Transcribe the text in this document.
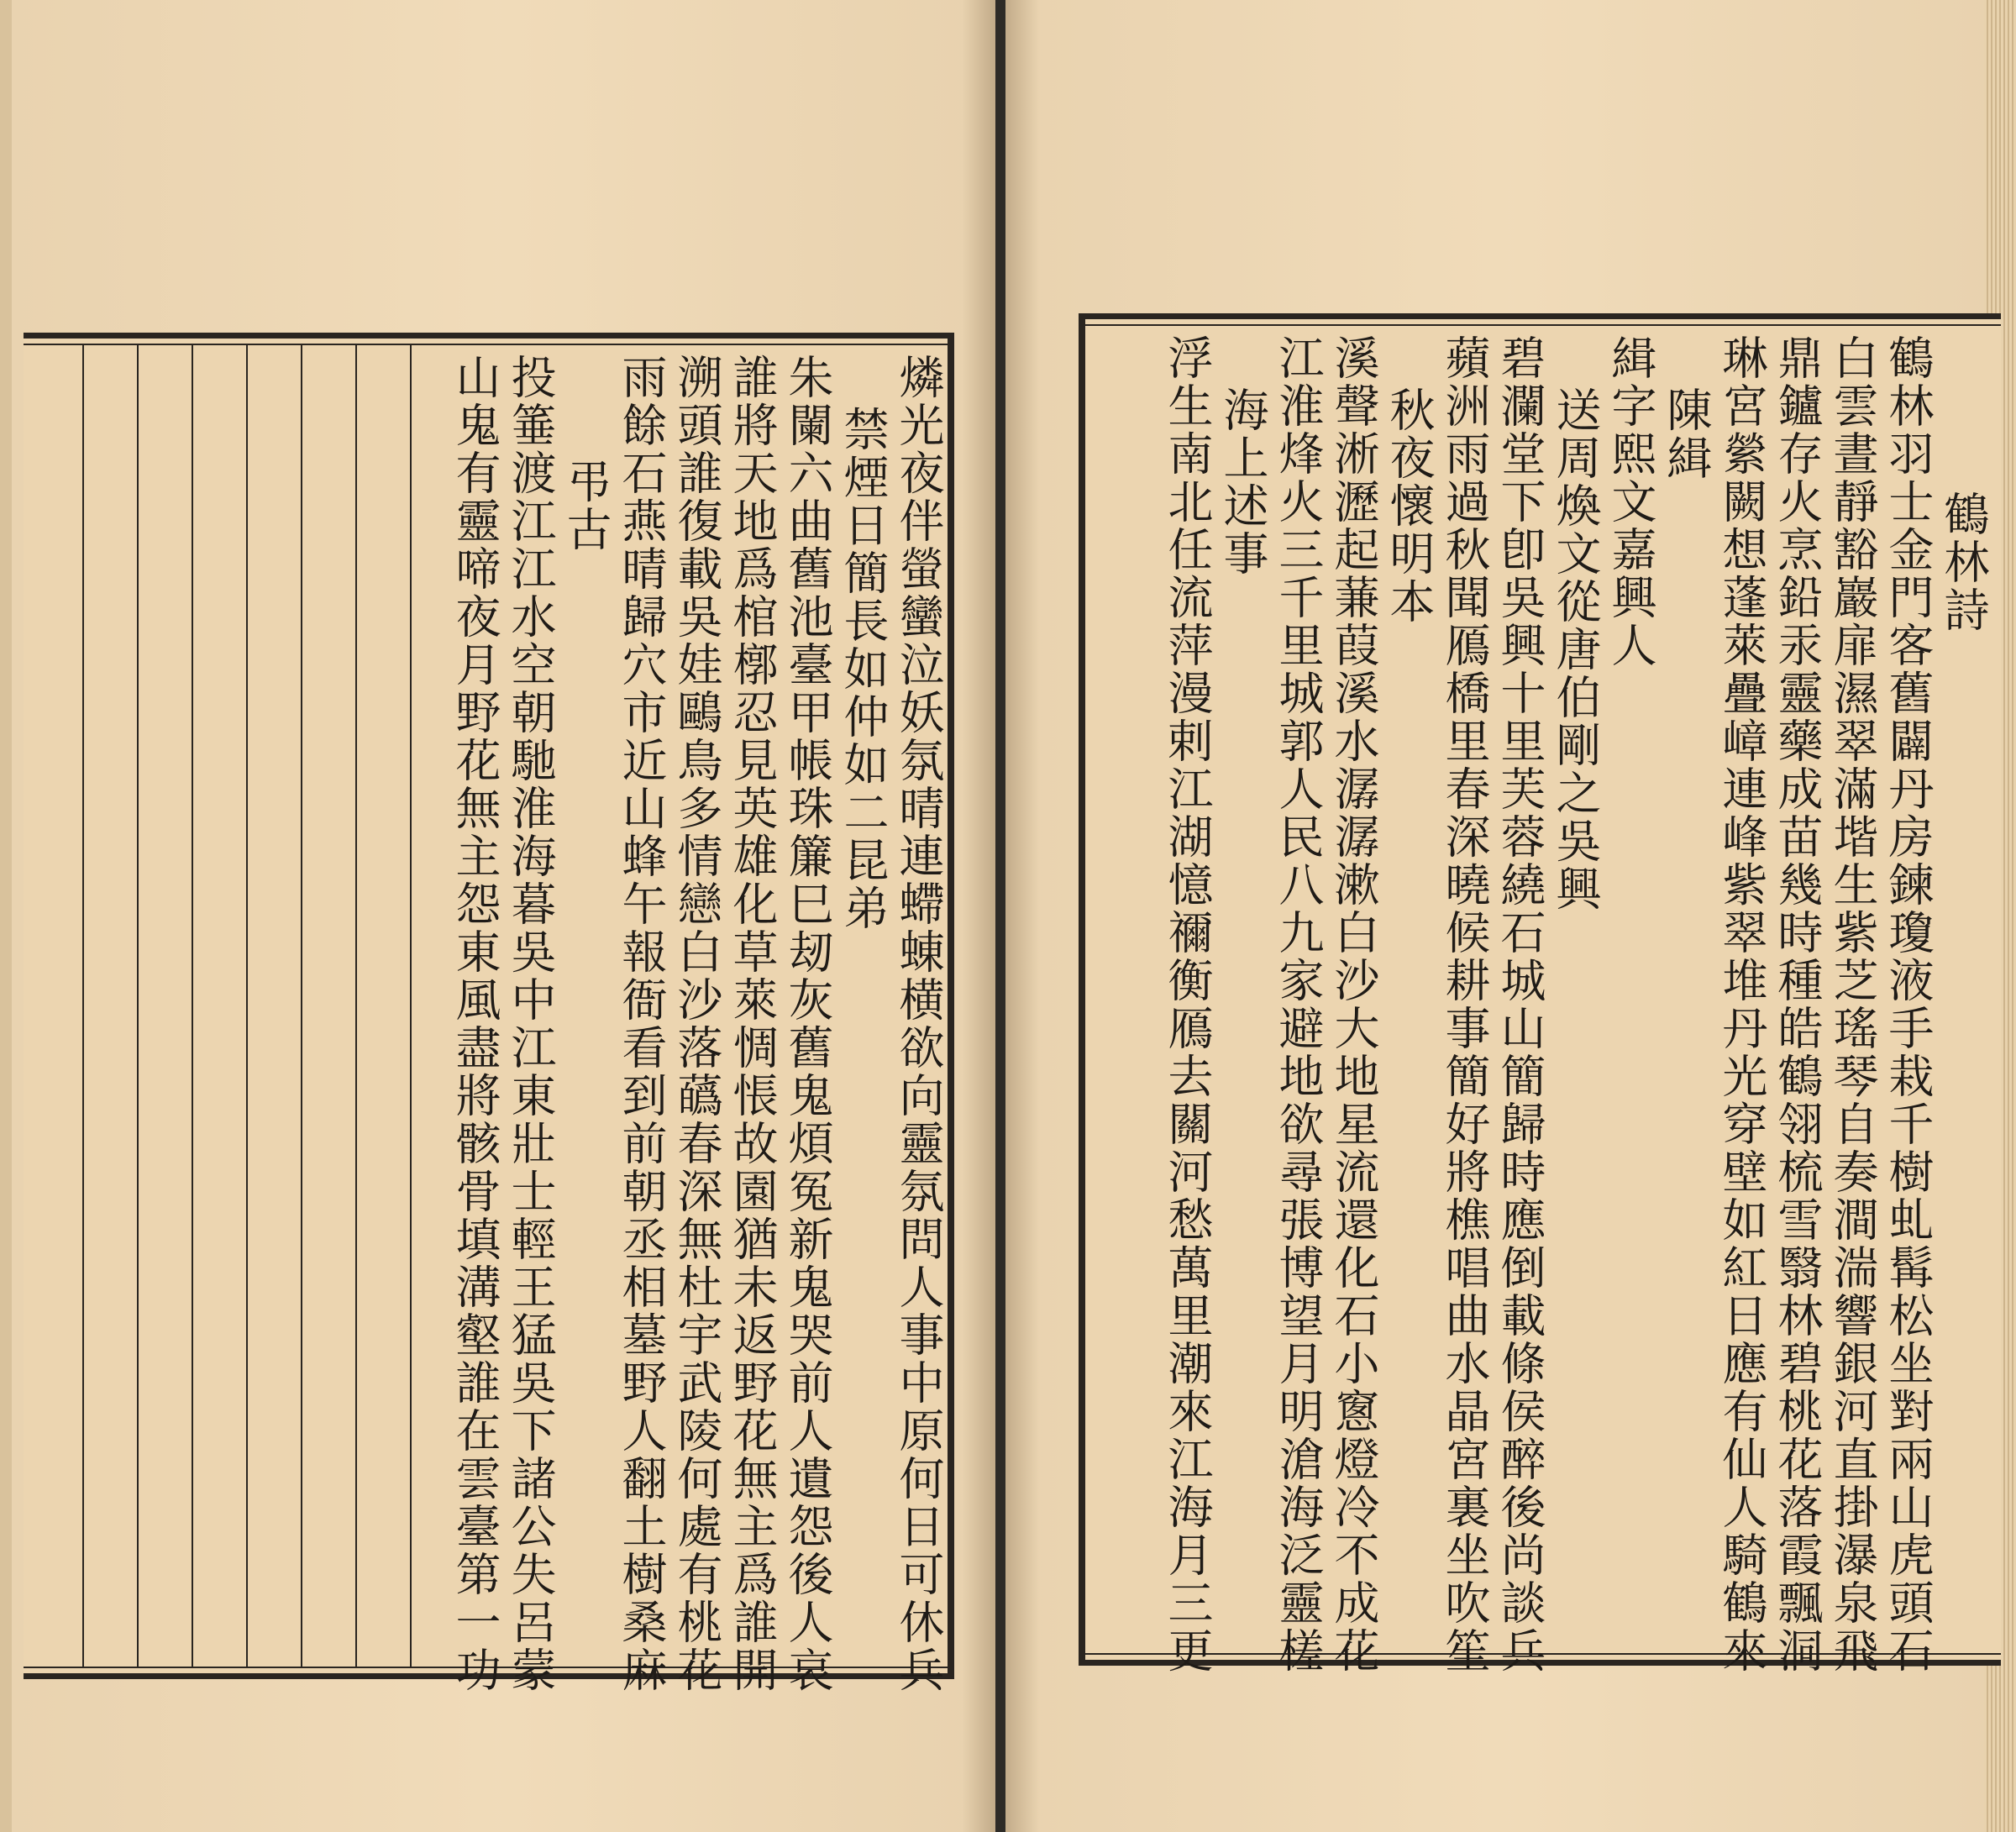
燐光夜伴螢蠻泣妖氛晴連螮蝀横欲向靈氛問人事中原何日可休兵
禁煙日簡長如仲如二昆弟
朱闌六曲舊池臺甲帳珠簾巳刼灰舊鬼煩冤新鬼哭前人遺怨後人哀
誰將天地爲棺槨忍見英雄化草萊惆悵故園猶未返野花無主爲誰開
溯頭誰復載吳娃鷗鳥多情戀白沙落蘤春深無杜宇武陵何處有桃花
雨餘石燕晴歸穴市近山蜂午報衙看到前朝丞相墓野人翻土樹桑麻
弔古
投箠渡江江水空朝馳淮海暮吳中江東壯士輕王猛吳下諸公失呂蒙
山鬼有靈啼夜月野花無主怨東風盡將骸骨填溝壑誰在雲臺第一功	鶴林詩
鶴林羽士金門客舊闢丹房鍊瓊液手栽千樹虬髯松坐對兩山虎頭石
白雲晝靜豁巖扉濕翠滿堦生紫芝瑤琴自奏澗湍響銀河直掛瀑泉飛
鼎鑪存火烹鉛汞靈藥成苗幾時種皓鶴翎梳雪翳林碧桃花落霞飄洞
琳宮縈闕想蓬萊疊嶂連峰紫翠堆丹光穿壁如紅日應有仙人騎鶴來
陳緝
緝字熙文嘉興人
送周煥文從唐伯剛之吳興
碧瀾堂下卽吳興十里芙蓉繞石城山簡歸時應倒載條侯醉後尚談兵
蘋洲雨過秋聞鴈橋里春深曉候耕事簡好將樵唱曲水晶宮裏坐吹笙
秋夜懷明本
溪聲淅瀝起蒹葭溪水潺潺漱白沙大地星流還化石小窻燈冷不成花
江淮烽火三千里城郭人民八九家避地欲尋張博望月明滄海泛靈槎
海上述事
浮生南北任流萍漫剌江湖憶禰衡鴈去關河愁萬里潮來江海月三更
